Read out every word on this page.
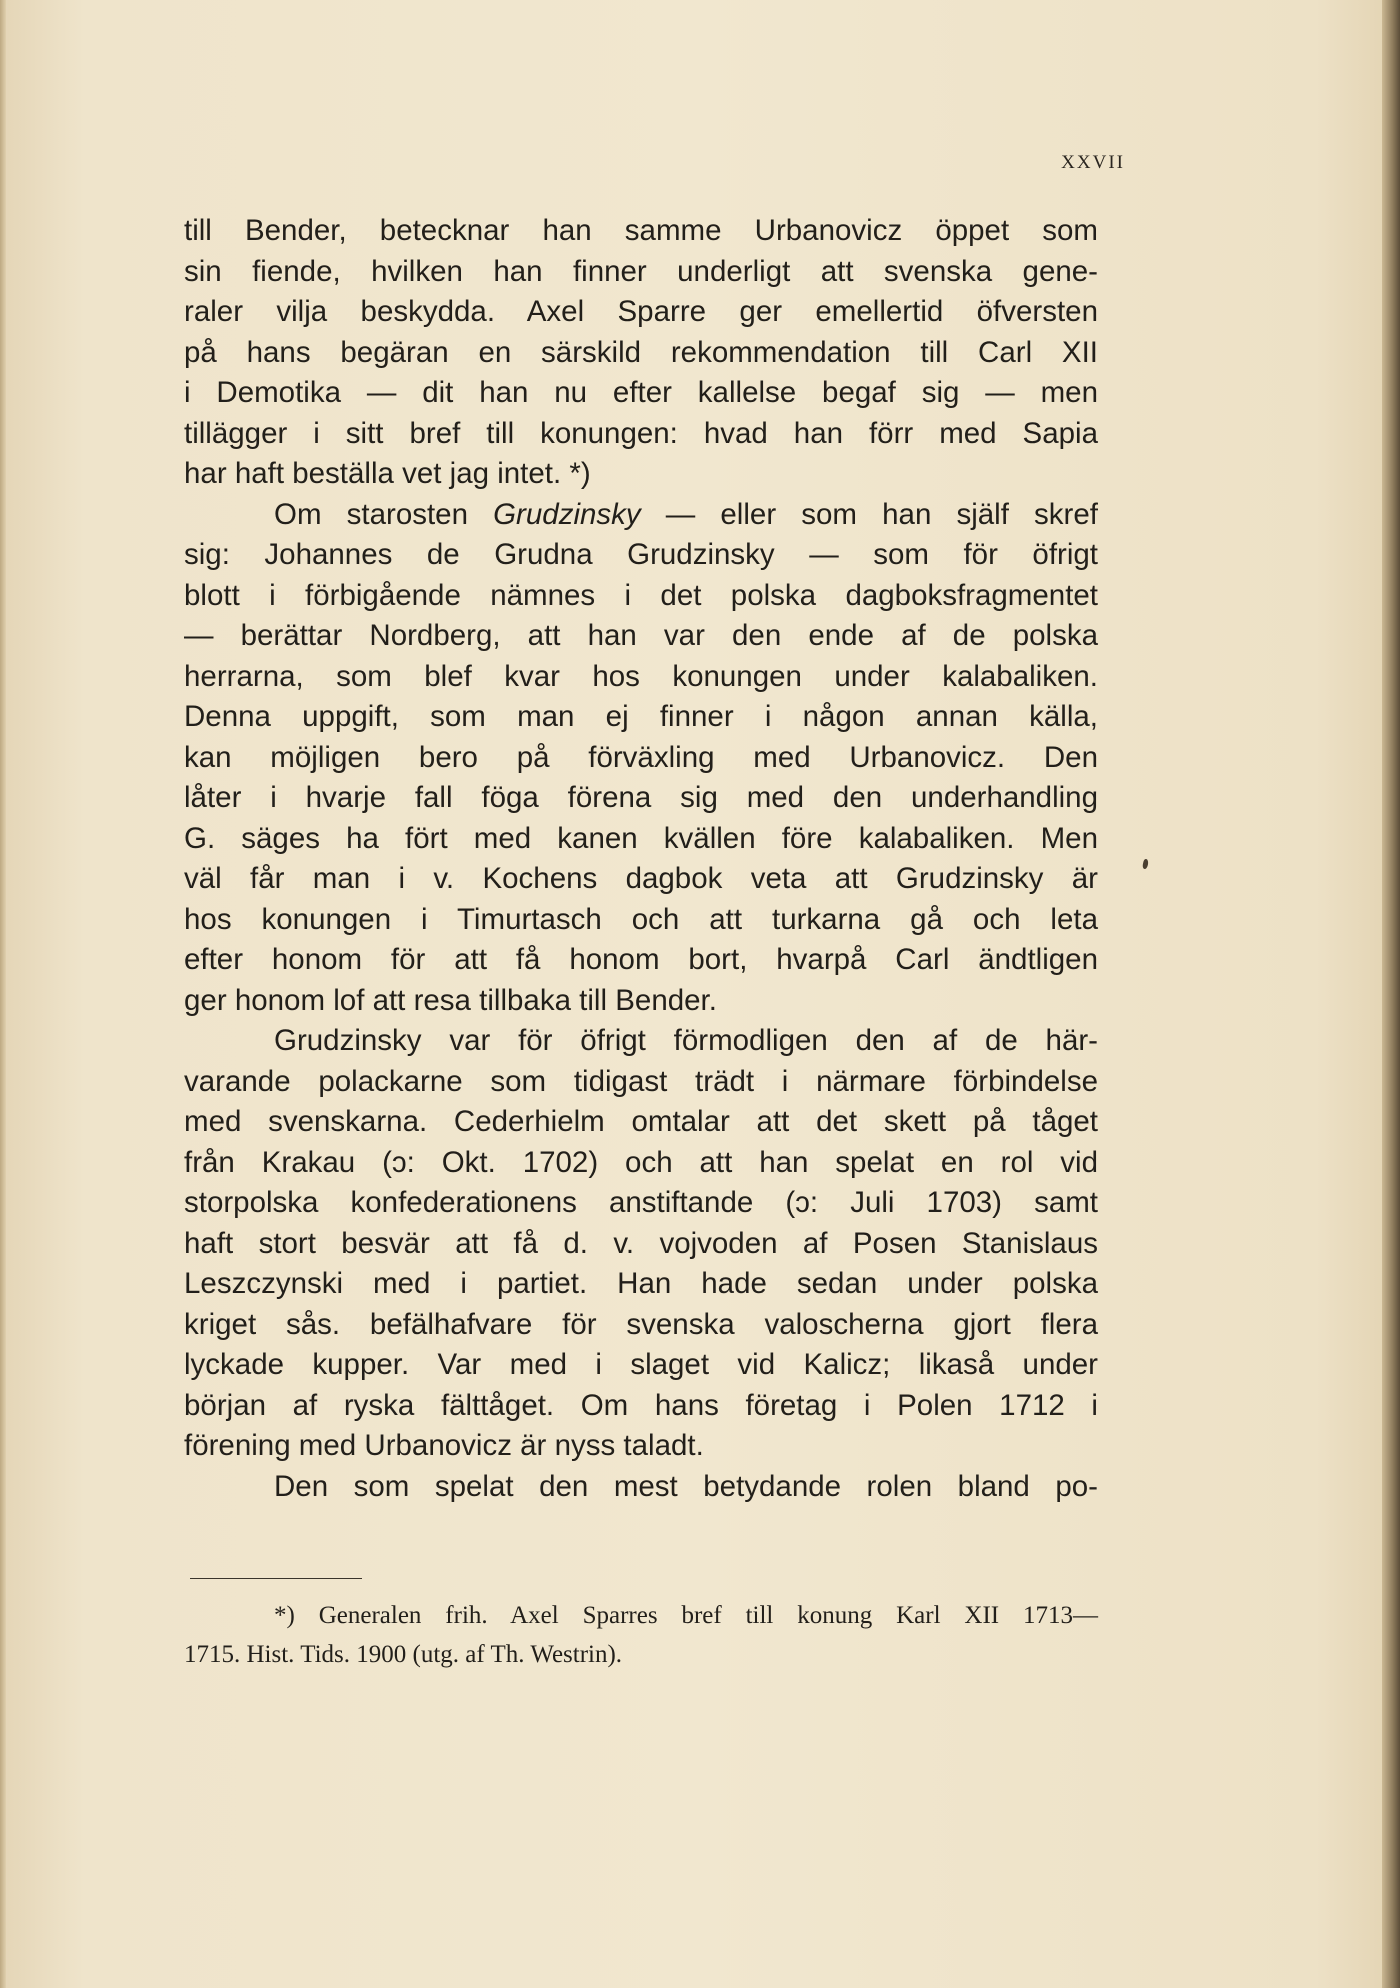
XXVII
till Bender, betecknar han samme Urbanovicz öppet som
sin fiende, hvilken han finner underligt att svenska gene-
raler vilja beskydda. Axel Sparre ger emellertid öfversten
på hans begäran en särskild rekommendation till Carl XII
i Demotika — dit han nu efter kallelse begaf sig — men
tillägger i sitt bref till konungen: hvad han förr med Sapia
har haft beställa vet jag intet. *)
Om starosten Grudzinsky — eller som han själf skref
sig: Johannes de Grudna Grudzinsky — som för öfrigt
blott i förbigående nämnes i det polska dagboksfragmentet
— berättar Nordberg, att han var den ende af de polska
herrarna, som blef kvar hos konungen under kalabaliken.
Denna uppgift, som man ej finner i någon annan källa,
kan möjligen bero på förväxling med Urbanovicz. Den
låter i hvarje fall föga förena sig med den underhandling
G. säges ha fört med kanen kvällen före kalabaliken. Men
väl får man i v. Kochens dagbok veta att Grudzinsky är
hos konungen i Timurtasch och att turkarna gå och leta
efter honom för att få honom bort, hvarpå Carl ändtligen
ger honom lof att resa tillbaka till Bender.
Grudzinsky var för öfrigt förmodligen den af de här-
varande polackarne som tidigast trädt i närmare förbindelse
med svenskarna. Cederhielm omtalar att det skett på tåget
från Krakau (ɔ: Okt. 1702) och att han spelat en rol vid
storpolska konfederationens anstiftande (ɔ: Juli 1703) samt
haft stort besvär att få d. v. vojvoden af Posen Stanislaus
Leszczynski med i partiet. Han hade sedan under polska
kriget sås. befälhafvare för svenska valoscherna gjort flera
lyckade kupper. Var med i slaget vid Kalicz; likaså under
början af ryska fälttåget. Om hans företag i Polen 1712 i
förening med Urbanovicz är nyss taladt.
Den som spelat den mest betydande rolen bland po-
*) Generalen frih. Axel Sparres bref till konung Karl XII 1713—
1715. Hist. Tids. 1900 (utg. af Th. Westrin).
